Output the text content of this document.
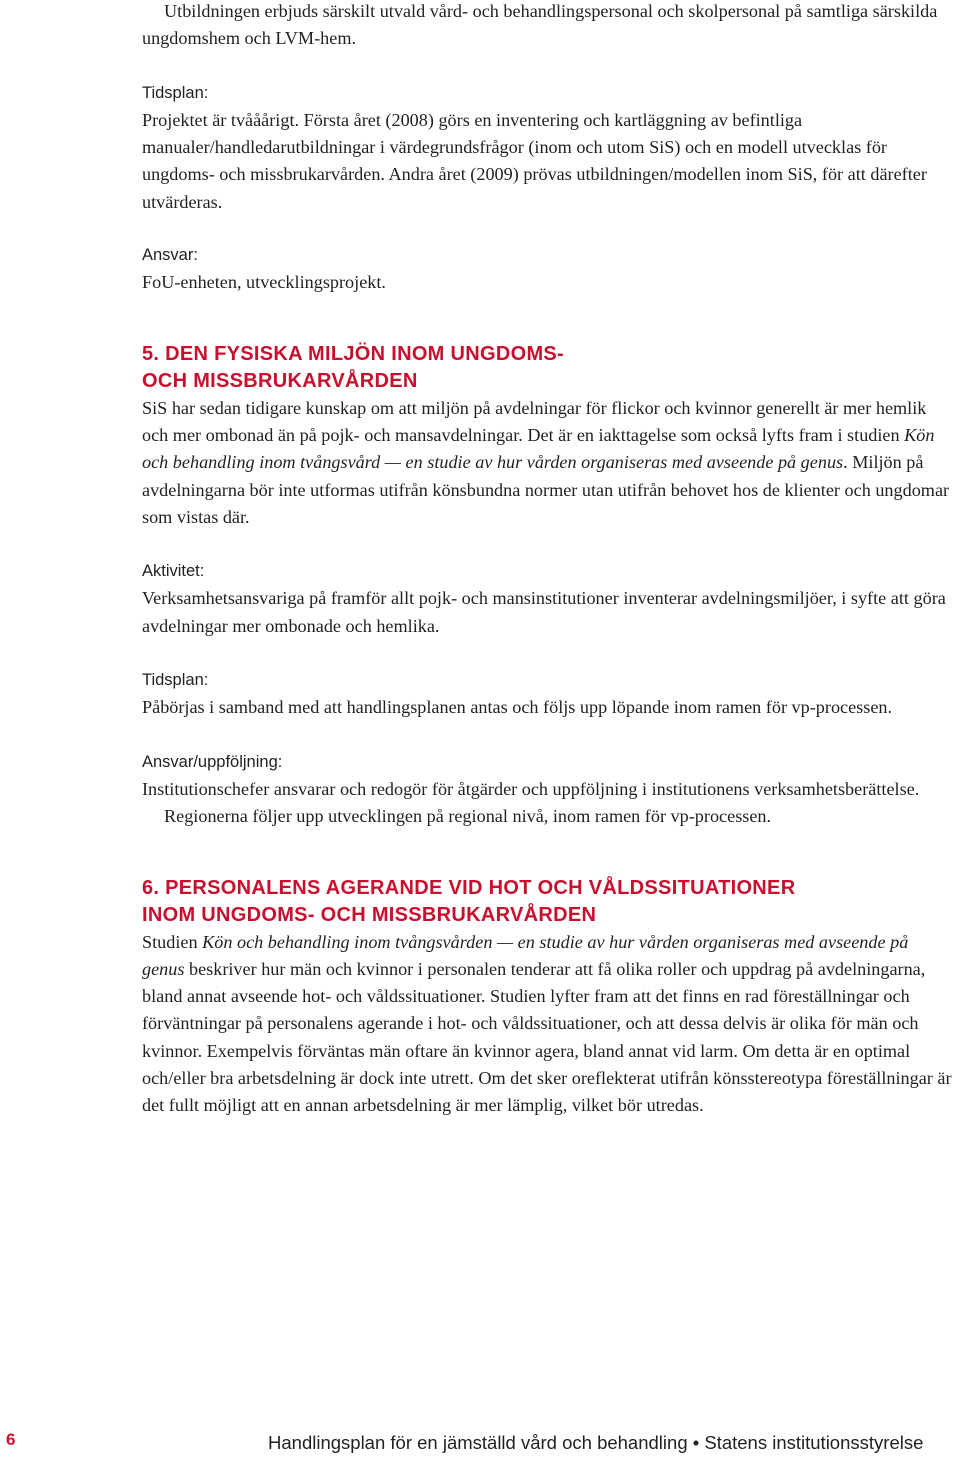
Utbildningen erbjuds särskilt utvald vård- och behandlingspersonal och skolpersonal på samtliga särskilda ungdomshem och LVM-hem.

Tidsplan:

Projektet är tvååårigt. Första året (2008) görs en inventering och kartläggning av befintliga manualer/handledarutbildningar i värdegrundsfrågor (inom och utom SiS) och en modell utvecklas för ungdoms- och missbrukarvården. Andra året (2009) prövas utbildningen/modellen inom SiS, för att därefter utvärderas.

Ansvar:

FoU-enheten, utvecklingsprojekt.

5. DEN FYSISKA MILJÖN INOM UNGDOMS-
OCH MISSBRUKARVÅRDEN

SiS har sedan tidigare kunskap om att miljön på avdelningar för flickor och kvinnor generellt är mer hemlik och mer ombonad än på pojk- och mansavdelningar. Det är en iakttagelse som också lyfts fram i studien Kön och behandling inom tvångsvård — en studie av hur vården organiseras med avseende på genus. Miljön på avdelningarna bör inte utformas utifrån könsbundna normer utan utifrån behovet hos de klienter och ungdomar som vistas där.

Aktivitet:

Verksamhetsansvariga på framför allt pojk- och mansinstitutioner inventerar avdelningsmiljöer, i syfte att göra avdelningar mer ombonade och hemlika.

Tidsplan:

Påbörjas i samband med att handlingsplanen antas och följs upp löpande inom ramen för vp-processen.

Ansvar/uppföljning:

Institutionschefer ansvarar och redogör för åtgärder och uppföljning i institutionens verksamhetsberättelse.

Regionerna följer upp utvecklingen på regional nivå, inom ramen för vp-processen.

6. PERSONALENS AGERANDE VID HOT OCH VÅLDSSITUATIONER
INOM UNGDOMS- OCH MISSBRUKARVÅRDEN

Studien Kön och behandling inom tvångsvården — en studie av hur vården organiseras med avseende på genus beskriver hur män och kvinnor i personalen tenderar att få olika roller och uppdrag på avdelningarna, bland annat avseende hot- och våldssituationer. Studien lyfter fram att det finns en rad föreställningar och förväntningar på personalens agerande i hot- och våldssituationer, och att dessa delvis är olika för män och kvinnor. Exempelvis förväntas män oftare än kvinnor agera, bland annat vid larm. Om detta är en optimal och/eller bra arbetsdelning är dock inte utrett. Om det sker oreflekterat utifrån könsstereotypa föreställningar är det fullt möjligt att en annan arbetsdelning är mer lämplig, vilket bör utredas.

6	Handlingsplan för en jämställd vård och behandling • Statens institutionsstyrelse
